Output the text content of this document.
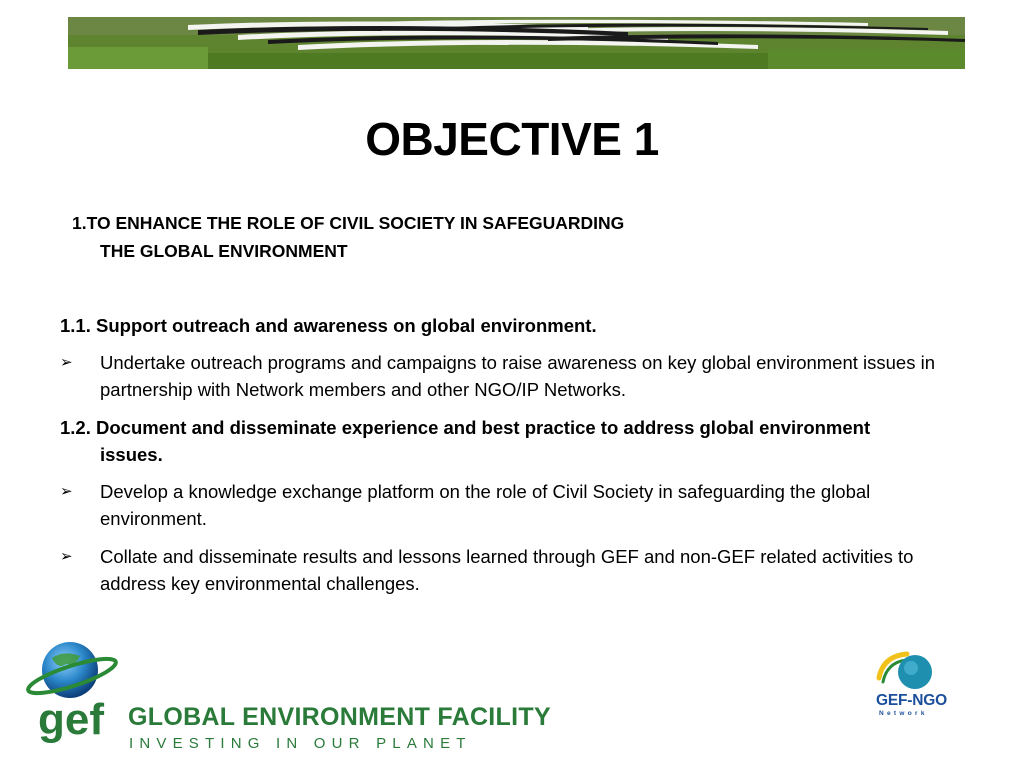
OBJECTIVE 1
1.TO ENHANCE THE ROLE OF CIVIL SOCIETY IN SAFEGUARDING
THE GLOBAL ENVIRONMENT
1.1. Support outreach and awareness on global environment.
➢ Undertake outreach programs and campaigns to raise awareness on key global environment issues in partnership with Network members and other NGO/IP Networks.
1.2. Document and disseminate experience and best practice to address global environment
issues.
➢ Develop a knowledge exchange platform on the role of Civil Society in safeguarding the global environment.
➢ Collate and disseminate results and lessons learned through GEF and non-GEF related activities to address key environmental challenges.
gef GLOBAL ENVIRONMENT FACILITY
INVESTING IN OUR PLANET
GEF-NGO
Network
